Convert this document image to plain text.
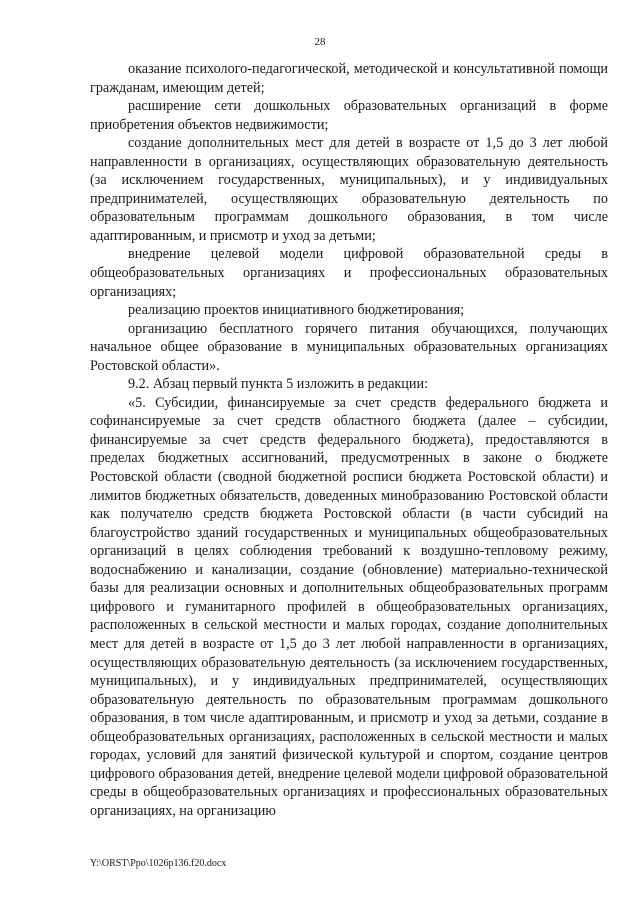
28

оказание психолого-педагогической, методической и консультативной помощи гражданам, имеющим детей;

расширение сети дошкольных образовательных организаций в форме приобретения объектов недвижимости;

создание дополнительных мест для детей в возрасте от 1,5 до 3 лет любой направленности в организациях, осуществляющих образовательную деятельность (за исключением государственных, муниципальных), и у индивидуальных предпринимателей, осуществляющих образовательную деятельность по образовательным программам дошкольного образования, в том числе адаптированным, и присмотр и уход за детьми;

внедрение целевой модели цифровой образовательной среды в общеобразовательных организациях и профессиональных образовательных организациях;

реализацию проектов инициативного бюджетирования;

организацию бесплатного горячего питания обучающихся, получающих начальное общее образование в муниципальных образовательных организациях Ростовской области».

9.2. Абзац первый пункта 5 изложить в редакции:

«5. Субсидии, финансируемые за счет средств федерального бюджета и софинансируемые за счет средств областного бюджета (далее – субсидии, финансируемые за счет средств федерального бюджета), предоставляются в пределах бюджетных ассигнований, предусмотренных в законе о бюджете Ростовской области (сводной бюджетной росписи бюджета Ростовской области) и лимитов бюджетных обязательств, доведенных минобразованию Ростовской области как получателю средств бюджета Ростовской области (в части субсидий на благоустройство зданий государственных и муниципальных общеобразовательных организаций в целях соблюдения требований к воздушно-тепловому режиму, водоснабжению и канализации, создание (обновление) материально-технической базы для реализации основных и дополнительных общеобразовательных программ цифрового и гуманитарного профилей в общеобразовательных организациях, расположенных в сельской местности и малых городах, создание дополнительных мест для детей в возрасте от 1,5 до 3 лет любой направленности в организациях, осуществляющих образовательную деятельность (за исключением государственных, муниципальных), и у индивидуальных предпринимателей, осуществляющих образовательную деятельность по образовательным программам дошкольного образования, в том числе адаптированным, и присмотр и уход за детьми, создание в общеобразовательных организациях, расположенных в сельской местности и малых городах, условий для занятий физической культурой и спортом, создание центров цифрового образования детей, внедрение целевой модели цифровой образовательной среды в общеобразовательных организациях и профессиональных образовательных организациях, на организацию

Y:\ORST\Ppo\1026p136.f20.docx
